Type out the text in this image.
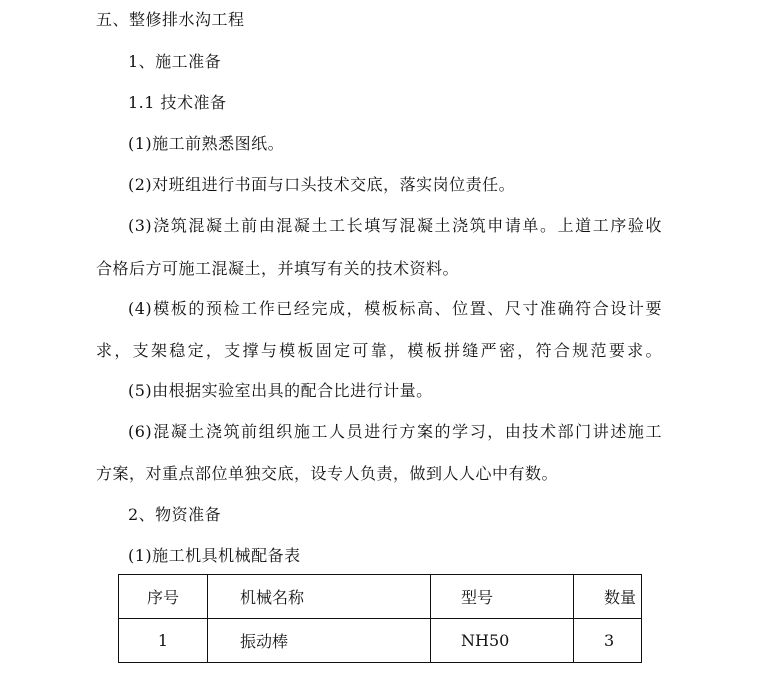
五、整修排水沟工程
1、施工准备
1.1 技术准备
(1)施工前熟悉图纸。
(2)对班组进行书面与口头技术交底，落实岗位责任。
(3)浇筑混凝土前由混凝土工长填写混凝土浇筑申请单。上道工序验收
合格后方可施工混凝土，并填写有关的技术资料。
(4)模板的预检工作已经完成，模板标高、位置、尺寸准确符合设计要
求，支架稳定，支撑与模板固定可靠，模板拼缝严密，符合规范要求。
(5)由根据实验室出具的配合比进行计量。
(6)混凝土浇筑前组织施工人员进行方案的学习，由技术部门讲述施工
方案，对重点部位单独交底，设专人负责，做到人人心中有数。
2、物资准备
(1)施工机具机械配备表
序号	机械名称	型号	数量
1	振动棒	NH50	3
